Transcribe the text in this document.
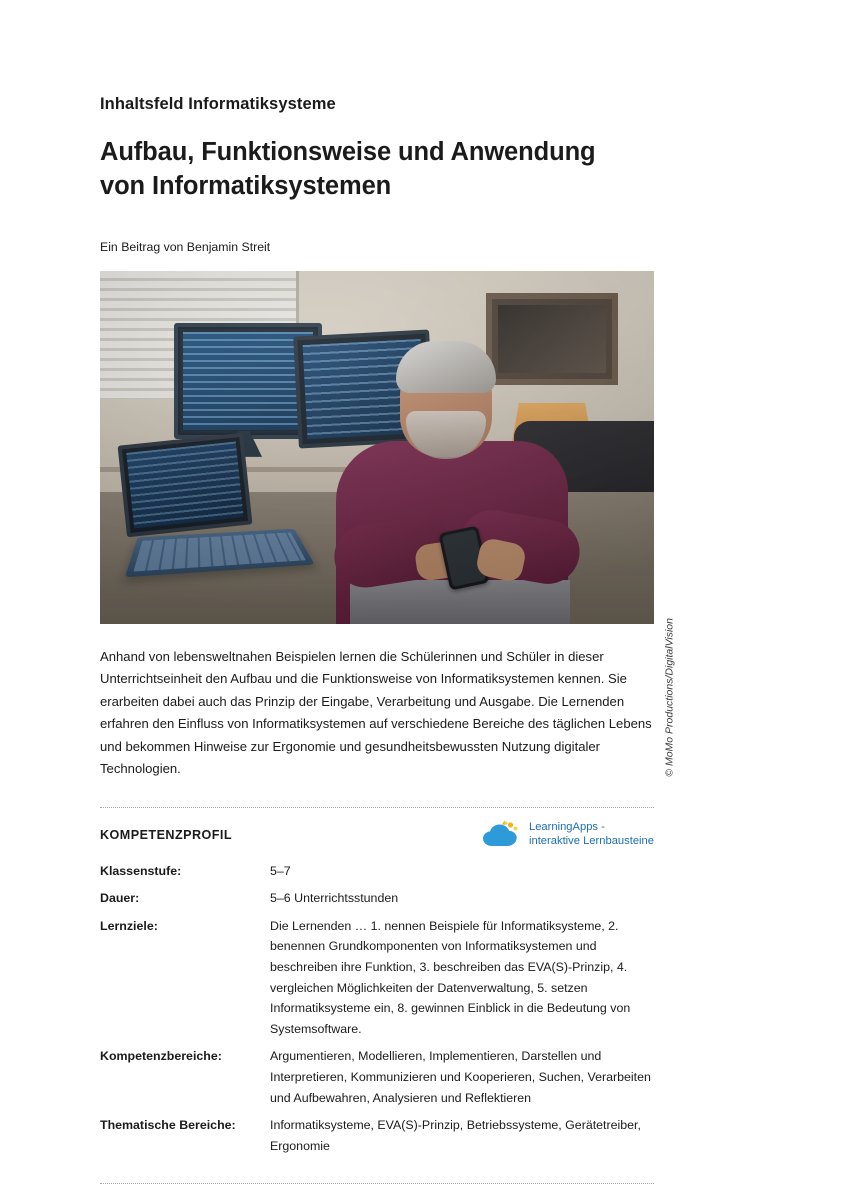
Inhaltsfeld Informatiksysteme
Aufbau, Funktionsweise und Anwendung von Informatiksystemen
Ein Beitrag von Benjamin Streit
© MoMo Productions/DigitalVision

Anhand von lebensweltnahen Beispielen lernen die Schülerinnen und Schüler in dieser Unterrichtseinheit den Aufbau und die Funktionsweise von Informatiksystemen kennen. Sie erarbeiten dabei auch das Prinzip der Eingabe, Verarbeitung und Ausgabe. Die Lernenden erfahren den Einfluss von Informatiksystemen auf verschiedene Bereiche des täglichen Lebens und bekommen Hinweise zur Ergonomie und gesundheitsbewussten Nutzung digitaler Technologien.

KOMPETENZPROFIL
LearningApps -
interaktive Lernbausteine
Klassenstufe:	5–7
Dauer:	5–6 Unterrichtsstunden
Lernziele:	Die Lernenden … 1. nennen Beispiele für Informatiksysteme, 2. benennen Grundkomponenten von Informatiksystemen und beschreiben ihre Funktion, 3. beschreiben das EVA(S)-Prinzip, 4. vergleichen Möglichkeiten der Datenverwaltung, 5. setzen Informatiksysteme ein, 8. gewinnen Einblick in die Bedeutung von Systemsoftware.
Kompetenzbereiche:	Argumentieren, Modellieren, Implementieren, Darstellen und Interpretieren, Kommunizieren und Kooperieren, Suchen, Verarbeiten und Aufbewahren, Analysieren und Reflektieren
Thematische Bereiche:	Informatiksysteme, EVA(S)-Prinzip, Betriebssysteme, Gerätetreiber, Ergonomie
